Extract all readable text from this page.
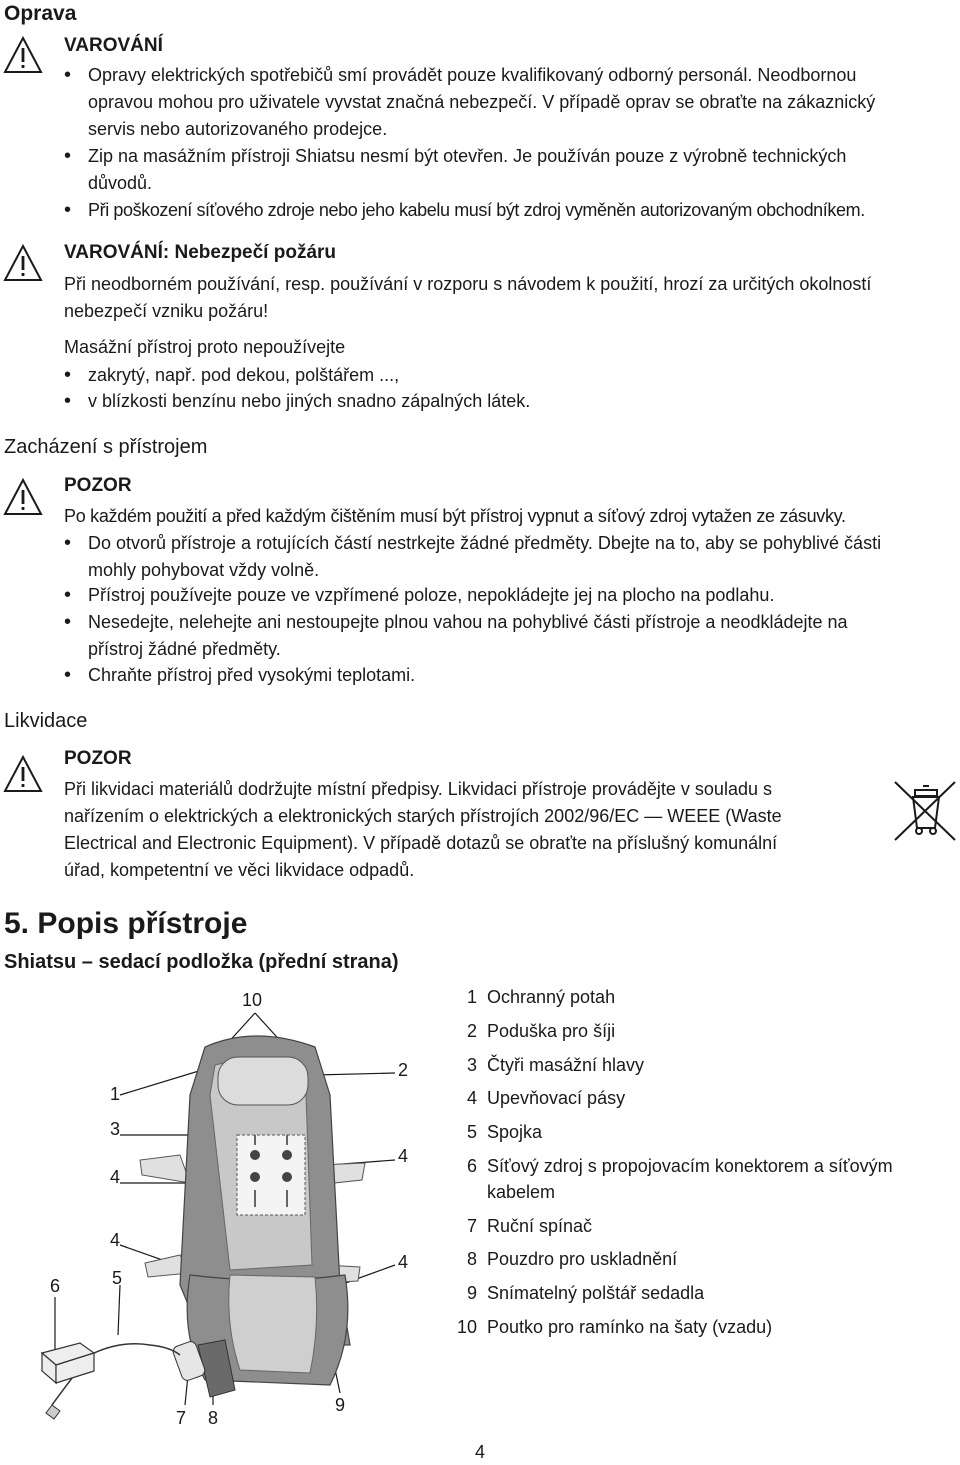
Oprava
VAROVÁNÍ
• Opravy elektrických spotřebičů smí provádět pouze kvalifikovaný odborný personál. Neodbornou
opravou mohou pro uživatele vyvstat značná nebezpečí. V případě oprav se obraťte na zákaznický
servis nebo autorizovaného prodejce.
• Zip na masážním přístroji Shiatsu nesmí být otevřen. Je používán pouze z výrobně technických
důvodů.
• Při poškození síťového zdroje nebo jeho kabelu musí být zdroj vyměněn autorizovaným obchodníkem.
VAROVÁNÍ: Nebezpečí požáru
Při neodborném používání, resp. používání v rozporu s návodem k použití, hrozí za určitých okolností
nebezpečí vzniku požáru!
Masážní přístroj proto nepoužívejte
• zakrytý, např. pod dekou, polštářem ...,
• v blízkosti benzínu nebo jiných snadno zápalných látek.
Zacházení s přístrojem
POZOR
Po každém použití a před každým čištěním musí být přístroj vypnut a síťový zdroj vytažen ze zásuvky.
• Do otvorů přístroje a rotujících částí nestrkejte žádné předměty. Dbejte na to, aby se pohyblivé části
mohly pohybovat vždy volně.
• Přístroj používejte pouze ve vzpřímené poloze, nepokládejte jej na plocho na podlahu.
• Nesedejte, nelehejte ani nestoupejte plnou vahou na pohyblivé části přístroje a neodkládejte na
přístroj žádné předměty.
• Chraňte přístroj před vysokými teplotami.
Likvidace
POZOR
Při likvidaci materiálů dodržujte místní předpisy. Likvidaci přístroje provádějte v souladu s
nařízením o elektrických a elektronických starých přístrojích 2002/96/EC — WEEE (Waste
Electrical and Electronic Equipment). V případě dotazů se obraťte na příslušný komunální
úřad, kompetentní ve věci likvidace odpadů.
5. Popis přístroje
Shiatsu – sedací podložka (přední strana)
10
2
1
3
4
4
4
4
6	5
7 8
9
1 Ochranný potah
2 Poduška pro šíji
3 Čtyři masážní hlavy
4 Upevňovací pásy
5 Spojka
6 Síťový zdroj s propojovacím konektorem a síťovým
kabelem
7 Ruční spínač
8 Pouzdro pro uskladnění
9 Snímatelný polštář sedadla
10 Poutko pro ramínko na šaty (vzadu)
4
